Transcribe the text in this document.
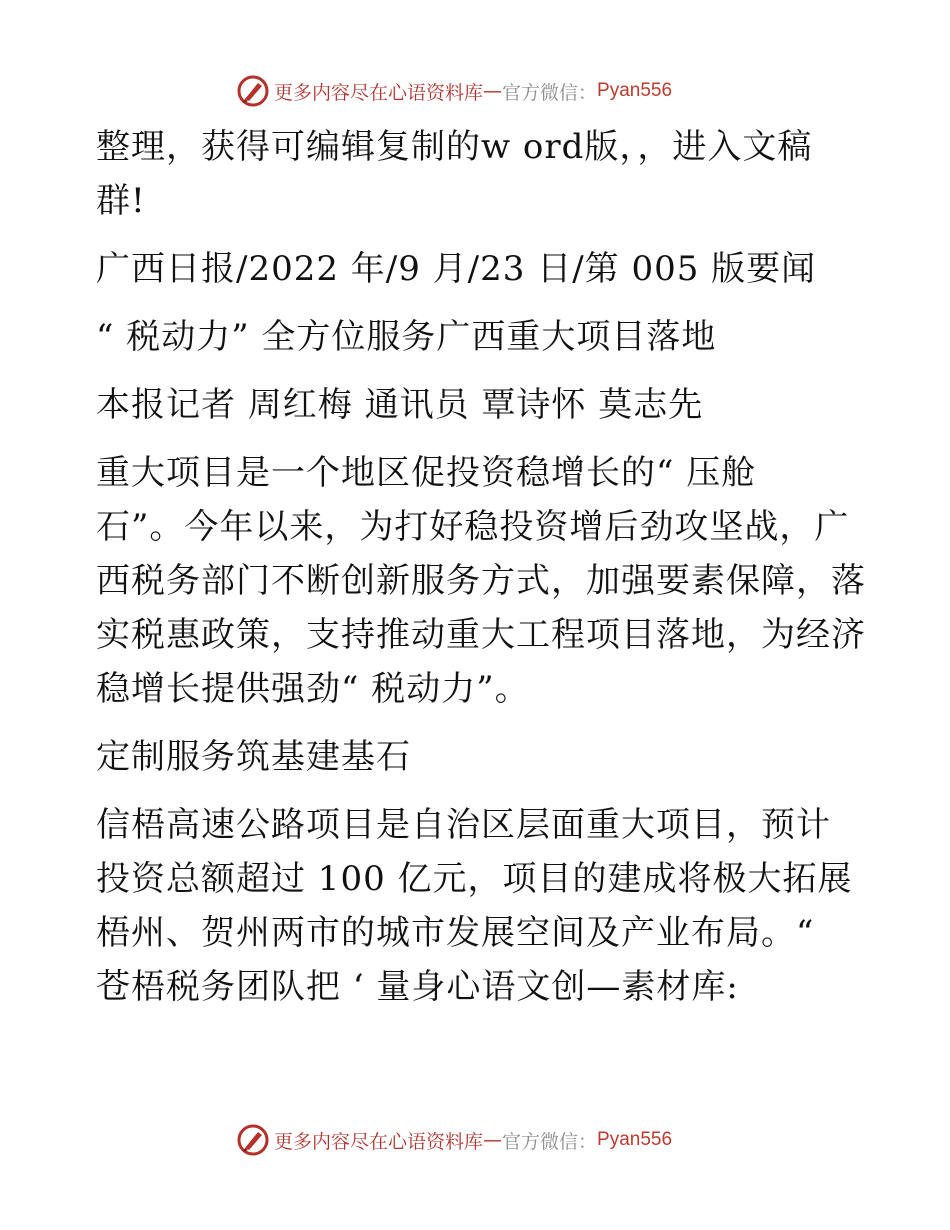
更多内容尽在心语资料库 — 官方微信： Pyan556

整理，获得可编辑复制的w ord版，，进入文稿
群!

广西日报/2022 年/9 月/23 日/第 005 版要闻

“ 税动力” 全方位服务广西重大项目落地

本报记者 周红梅 通讯员 覃诗怀 莫志先

重大项目是一个地区促投资稳增长的“ 压舱
石”。今年以来，为打好稳投资增后劲攻坚战，广
西税务部门不断创新服务方式，加强要素保障，落
实税惠政策，支持推动重大工程项目落地，为经济
稳增长提供强劲“ 税动力”。

定制服务筑基建基石

信梧高速公路项目是自治区层面重大项目，预计
投资总额超过 100 亿元，项目的建成将极大拓展
梧州、贺州两市的城市发展空间及产业布局。“
苍梧税务团队把 ‘ 量身心语文创—素材库:

更多内容尽在心语资料库 — 官方微信： Pyan556
